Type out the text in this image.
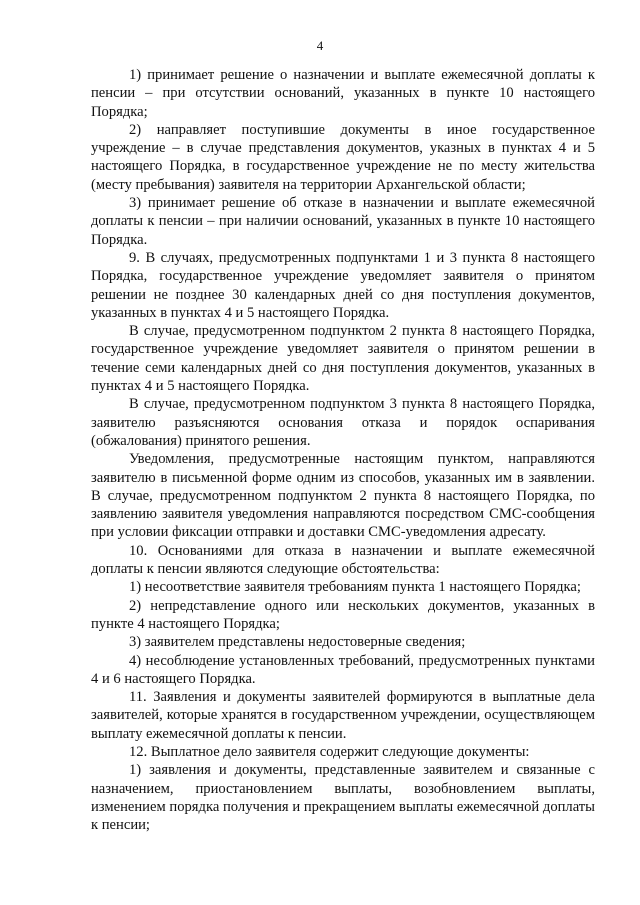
4

1) принимает решение о назначении и выплате ежемесячной доплаты к пенсии – при отсутствии оснований, указанных в пункте 10 настоящего Порядка;

2) направляет поступившие документы в иное государственное учреждение – в случае представления документов, указных в пунктах 4 и 5 настоящего Порядка, в государственное учреждение не по месту жительства (месту пребывания) заявителя на территории Архангельской области;

3) принимает решение об отказе в назначении и выплате ежемесячной доплаты к пенсии – при наличии оснований, указанных в пункте 10 настоящего Порядка.

9. В случаях, предусмотренных подпунктами 1 и 3 пункта 8 настоящего Порядка, государственное учреждение уведомляет заявителя о принятом решении не позднее 30 календарных дней со дня поступления документов, указанных в пунктах 4 и 5 настоящего Порядка.

В случае, предусмотренном подпунктом 2 пункта 8 настоящего Порядка, государственное учреждение уведомляет заявителя о принятом решении в течение семи календарных дней со дня поступления документов, указанных в пунктах 4 и 5 настоящего Порядка.

В случае, предусмотренном подпунктом 3 пункта 8 настоящего Порядка, заявителю разъясняются основания отказа и порядок оспаривания (обжалования) принятого решения.

Уведомления, предусмотренные настоящим пунктом, направляются заявителю в письменной форме одним из способов, указанных им в заявлении. В случае, предусмотренном подпунктом 2 пункта 8 настоящего Порядка, по заявлению заявителя уведомления направляются посредством СМС-сообщения при условии фиксации отправки и доставки СМС-уведомления адресату.

10. Основаниями для отказа в назначении и выплате ежемесячной доплаты к пенсии являются следующие обстоятельства:

1) несоответствие заявителя требованиям пункта 1 настоящего Порядка;

2) непредставление одного или нескольких документов, указанных в пункте 4 настоящего Порядка;

3) заявителем представлены недостоверные сведения;

4) несоблюдение установленных требований, предусмотренных пунктами 4 и 6 настоящего Порядка.

11. Заявления и документы заявителей формируются в выплатные дела заявителей, которые хранятся в государственном учреждении, осуществляющем выплату ежемесячной доплаты к пенсии.

12. Выплатное дело заявителя содержит следующие документы:

1) заявления и документы, представленные заявителем и связанные с назначением, приостановлением выплаты, возобновлением выплаты, изменением порядка получения и прекращением выплаты ежемесячной доплаты к пенсии;
